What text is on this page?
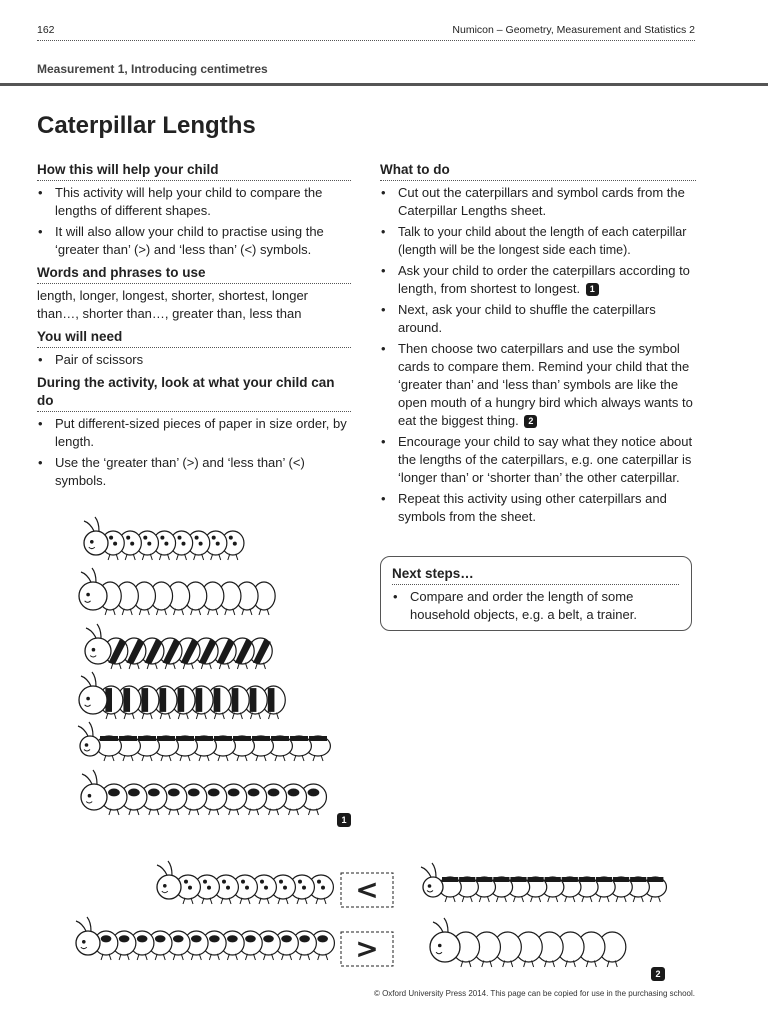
162	Numicon – Geometry, Measurement and Statistics 2
Measurement 1, Introducing centimetres
Caterpillar Lengths
How this will help your child
• This activity will help your child to compare the lengths of different shapes.
• It will also allow your child to practise using the ‘greater than’ (>) and ‘less than’ (<) symbols.
Words and phrases to use

length, longer, longest, shorter, shortest, longer than…, shorter than…, greater than, less than

You will need
• Pair of scissors
During the activity, look at what your child can do
• Put different-sized pieces of paper in size order, by length.
• Use the ‘greater than’ (>) and ‘less than’ (<) symbols.
What to do
• Cut out the caterpillars and symbol cards from the Caterpillar Lengths sheet.
• Talk to your child about the length of each caterpillar (length will be the longest side each time).
• Ask your child to order the caterpillars according to length, from shortest to longest. 1
• Next, ask your child to shuffle the caterpillars around.
• Then choose two caterpillars and use the symbol cards to compare them. Remind your child that the ‘greater than’ and ‘less than’ symbols are like the open mouth of a hungry bird which always wants to eat the biggest thing. 2
• Encourage your child to say what they notice about the lengths of the caterpillars, e.g. one caterpillar is ‘longer than’ or ‘shorter than’ the other caterpillar.
• Repeat this activity using other caterpillars and symbols from the sheet.
Next steps…
• Compare and order the length of some household objects, e.g. a belt, a trainer.
<
>
1
2
© Oxford University Press 2014. This page can be copied for use in the purchasing school.
